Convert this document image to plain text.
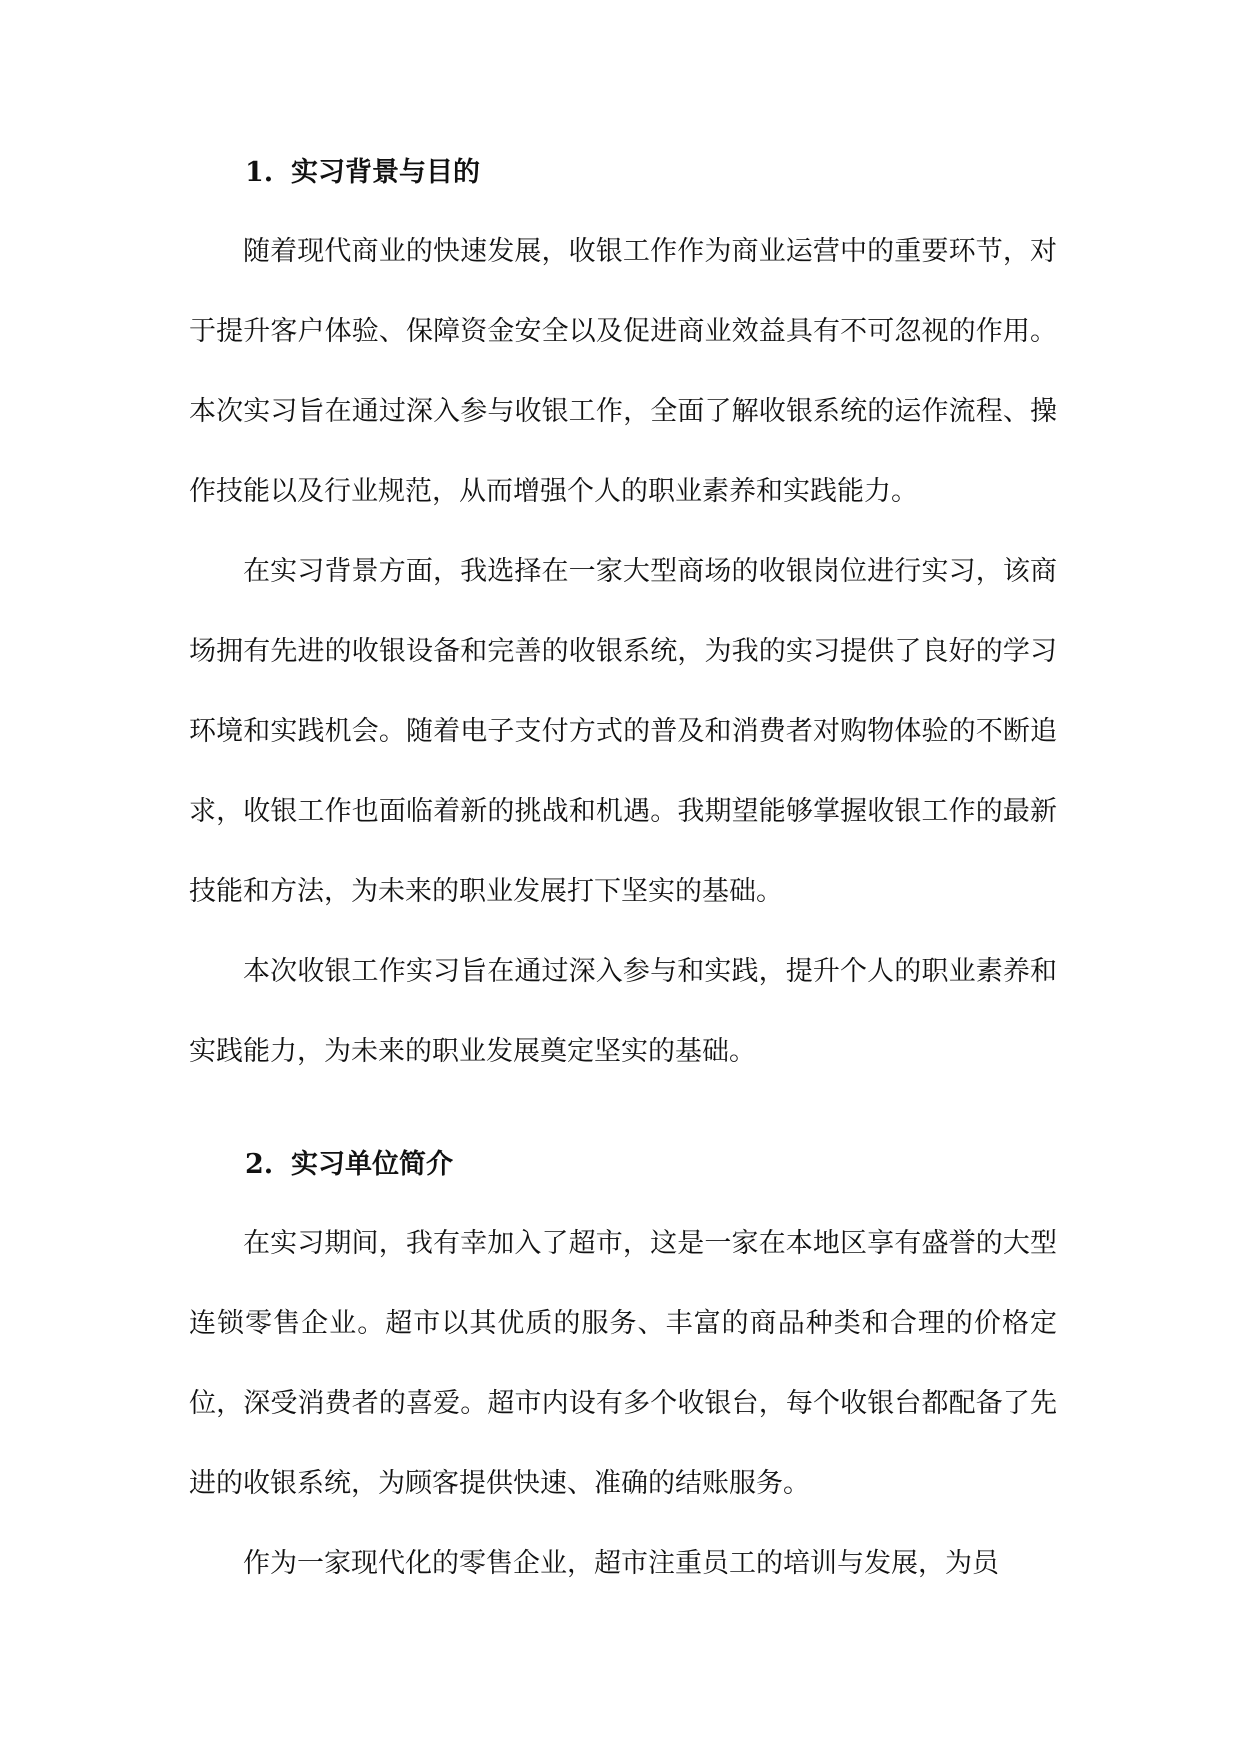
1. 实习背景与目的

随着现代商业的快速发展，收银工作作为商业运营中的重要环节，对于提升客户体验、保障资金安全以及促进商业效益具有不可忽视的作用。本次实习旨在通过深入参与收银工作，全面了解收银系统的运作流程、操作技能以及行业规范，从而增强个人的职业素养和实践能力。

在实习背景方面，我选择在一家大型商场的收银岗位进行实习，该商场拥有先进的收银设备和完善的收银系统，为我的实习提供了良好的学习环境和实践机会。随着电子支付方式的普及和消费者对购物体验的不断追求，收银工作也面临着新的挑战和机遇。我期望能够掌握收银工作的最新技能和方法，为未来的职业发展打下坚实的基础。

本次收银工作实习旨在通过深入参与和实践，提升个人的职业素养和实践能力，为未来的职业发展奠定坚实的基础。

2. 实习单位简介

在实习期间，我有幸加入了超市，这是一家在本地区享有盛誉的大型连锁零售企业。超市以其优质的服务、丰富的商品种类和合理的价格定位，深受消费者的喜爱。超市内设有多个收银台，每个收银台都配备了先进的收银系统，为顾客提供快速、准确的结账服务。

作为一家现代化的零售企业，超市注重员工的培训与发展，为员
